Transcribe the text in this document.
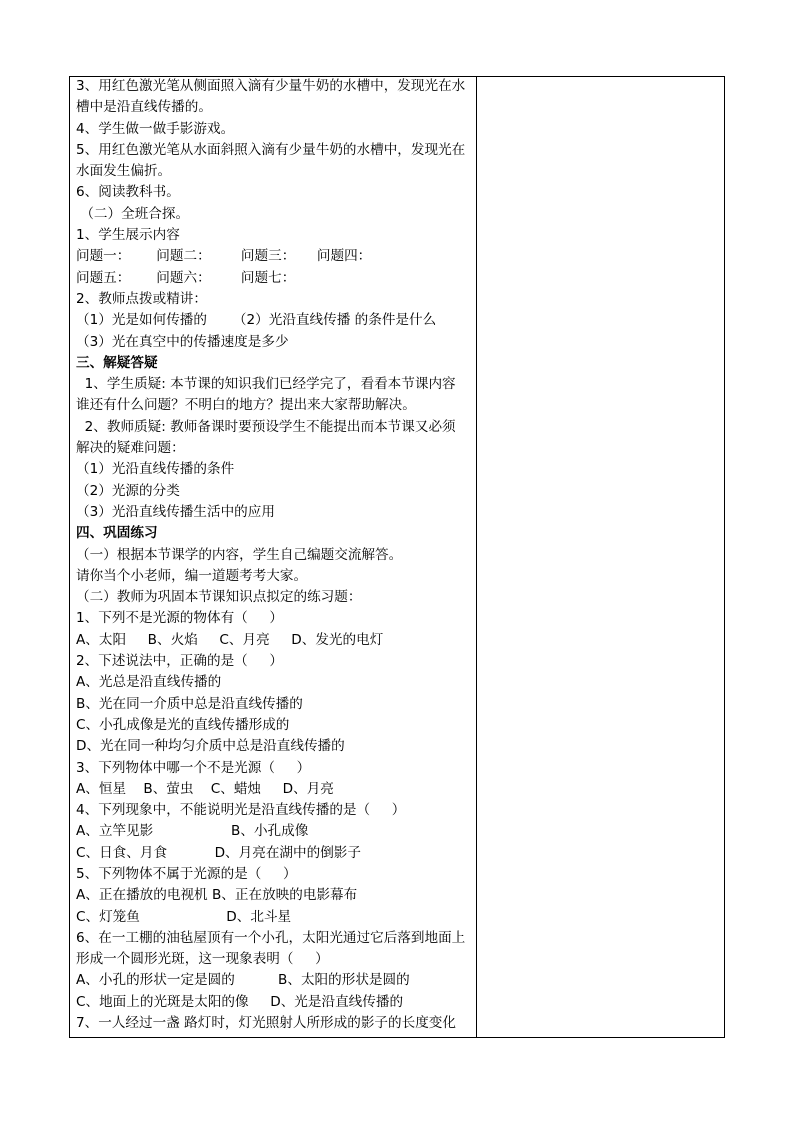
3、用红色激光笔从侧面照入滴有少量牛奶的水槽中，发现光在水
槽中是沿直线传播的。
4、学生做一做手影游戏。
5、用红色激光笔从水面斜照入滴有少量牛奶的水槽中，发现光在
水面发生偏折。
6、阅读教科书。
（二）全班合探。
1、学生展示内容
问题一：      问题二：       问题三：     问题四：
问题五：      问题六：       问题七：
2、教师点拨或精讲：
（1）光是如何传播的      （2）光沿直线传播 的条件是什么
（3）光在真空中的传播速度是多少
三、解疑答疑
1、学生质疑: 本节课的知识我们已经学完了，看看本节课内容
谁还有什么问题？不明白的地方？提出来大家帮助解决。
2、教师质疑: 教师备课时要预设学生不能提出而本节课又必须
解决的疑难问题：
（1）光沿直线传播的条件
（2）光源的分类
（3）光沿直线传播生活中的应用
四、巩固练习
（一）根据本节课学的内容，学生自己编题交流解答。
请你当个小老师，编一道题考考大家。
（二）教师为巩固本节课知识点拟定的练习题：
1、下列不是光源的物体有（     ）
A、太阳     B、火焰     C、月亮     D、发光的电灯
2、下述说法中，正确的是（     ）
A、光总是沿直线传播的
B、光在同一介质中总是沿直线传播的
C、小孔成像是光的直线传播形成的
D、光在同一种均匀介质中总是沿直线传播的
3、下列物体中哪一个不是光源（     ）
A、恒星    B、萤虫    C、蜡烛     D、月亮
4、下列现象中，不能说明光是沿直线传播的是（     ）
A、立竿见影                  B、小孔成像
C、日食、月食           D、月亮在湖中的倒影子
5、下列物体不属于光源的是（     ）
A、正在播放的电视机 B、正在放映的电影幕布
C、灯笼鱼                    D、北斗星
6、在一工棚的油毡屋顶有一个小孔，太阳光通过它后落到地面上
形成一个圆形光斑，这一现象表明（     ）
A、小孔的形状一定是圆的          B、太阳的形状是圆的
C、地面上的光斑是太阳的像     D、光是沿直线传播的
7、一人经过一盏 路灯时，灯光照射人所形成的影子的长度变化
